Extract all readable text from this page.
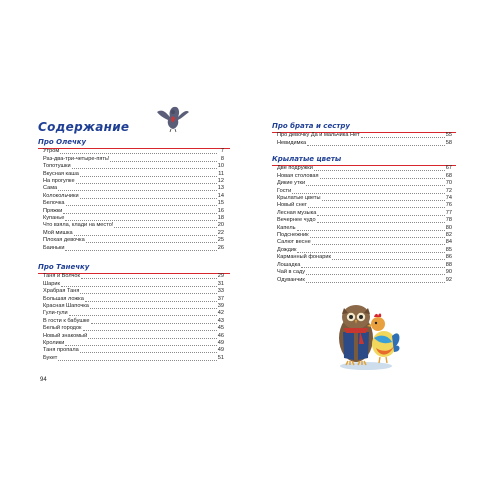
Содержание
Про Олечку
Утром	7
Раз-два-три-четыре-пять!	8
Топотушки	10
Вкусная каша	11
На прогулке	12
Сама	13
Колокольчики	14
Белочка	15
Пряжки	16
Купанье	18
Что взяла, клади на место!	20
Мой мишка	22
Плохая девочка	25
Баиньки	26
Про Танечку
Таня и Волчок	29
Шарик	31
Храбрая Таня	33
Большая ложка	37
Красная Шапочка	39
Гули-гули	42
В гости к бабушке	43
Белый городок	45
Новый знакомый	46
Кролики	49
Таня пропала	49
Букет	51
94
Про брата и сестру
Про девочку Да и мальчика Нет	55
Невидимка	58
Крылатые цветы
Две подружки	67
Новая столовая	68
Дикие утки	70
Гости	72
Крылатые цветы	74
Новый снег	76
Лесная музыка	77
Вечернее чудо	78
Капель	80
Подснежник	82
Салют весне	84
Дождик	85
Карманный фонарик	86
Лошадка	88
Чай в саду	90
Одуванчик	92
